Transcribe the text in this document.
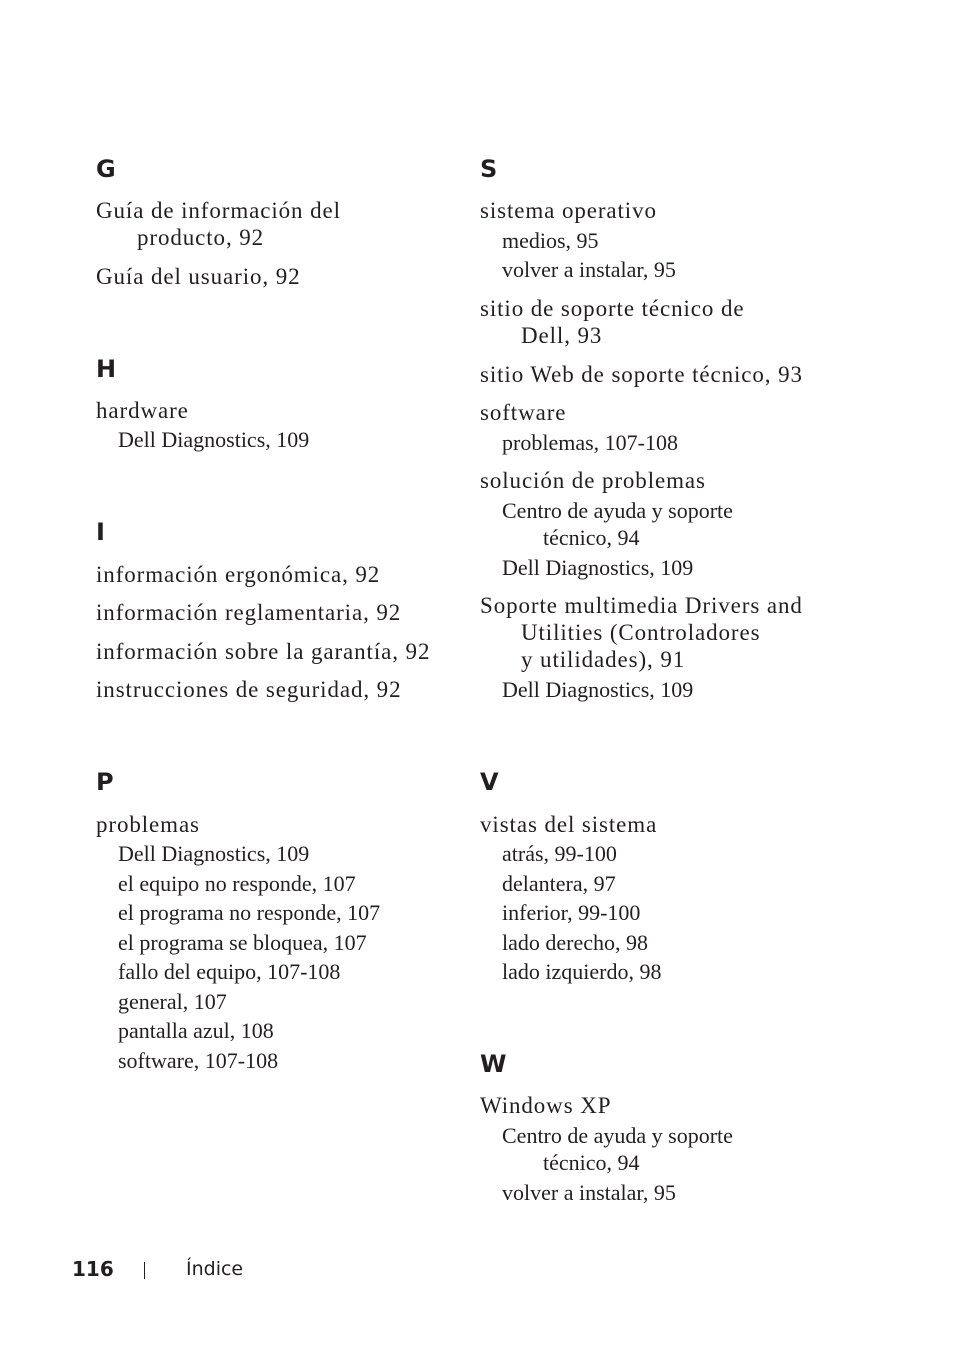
G
Guía de información del
producto, 92
Guía del usuario, 92
H
hardware
Dell Diagnostics, 109
I
información ergonómica, 92
información reglamentaria, 92
información sobre la garantía, 92
instrucciones de seguridad, 92
P
problemas
Dell Diagnostics, 109
el equipo no responde, 107
el programa no responde, 107
el programa se bloquea, 107
fallo del equipo, 107-108
general, 107
pantalla azul, 108
software, 107-108
S
sistema operativo
medios, 95
volver a instalar, 95
sitio de soporte técnico de
Dell, 93
sitio Web de soporte técnico, 93
software
problemas, 107-108
solución de problemas
Centro de ayuda y soporte
técnico, 94
Dell Diagnostics, 109
Soporte multimedia Drivers and
Utilities (Controladores
y utilidades), 91
Dell Diagnostics, 109
V
vistas del sistema
atrás, 99-100
delantera, 97
inferior, 99-100
lado derecho, 98
lado izquierdo, 98
W
Windows XP
Centro de ayuda y soporte
técnico, 94
volver a instalar, 95
116	Índice
